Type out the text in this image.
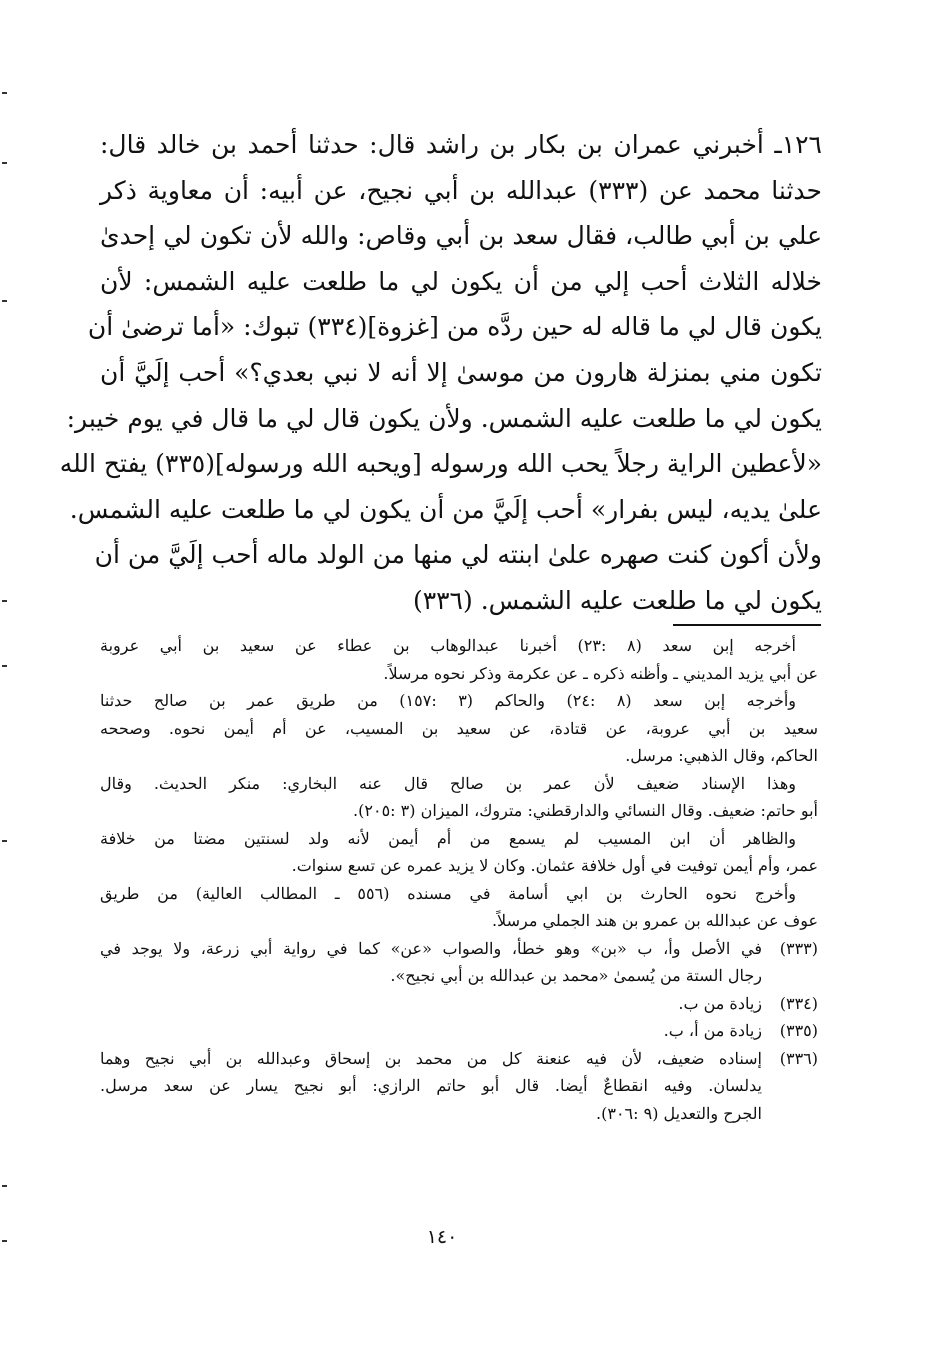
١٢٦ـ أخبرني عمران بن بكار بن راشد قال: حدثنا أحمد بن خالد قال:
حدثنا محمد عن (٣٣٣) عبدالله بن أبي نجيح، عن أبيه: أن معاوية ذكر
علي بن أبي طالب، فقال سعد بن أبي وقاص: والله لأن تكون لي إحدىٰ
خلاله الثلاث أحب إلي من أن يكون لي ما طلعت عليه الشمس: لأن
يكون قال لي ما قاله له حين ردَّه من [غزوة](٣٣٤) تبوك: «أما ترضىٰ أن
تكون مني بمنزلة هارون من موسىٰ إلا أنه لا نبي بعدي؟» أحب إلَيَّ أن
يكون لي ما طلعت عليه الشمس. ولأن يكون قال لي ما قال في يوم خيبر:
«لأعطين الراية رجلاً يحب الله ورسوله [ويحبه الله ورسوله](٣٣٥) يفتح الله
علىٰ يديه، ليس بفرار» أحب إلَيَّ من أن يكون لي ما طلعت عليه الشمس.
ولأن أكون كنت صهره علىٰ ابنته لي منها من الولد ماله أحب إلَيَّ من أن
يكون لي ما طلعت عليه الشمس. (٣٣٦)
أخرجه إبن سعد (٨ :٢٣) أخبرنا عبدالوهاب بن عطاء عن سعيد بن أبي عروبة
عن أبي يزيد المديني ـ وأظنه ذكره ـ عن عكرمة وذكر نحوه مرسلاً.
وأخرجه إبن سعد (٨ :٢٤) والحاكم (٣ :١٥٧) من طريق عمر بن صالح حدثنا
سعيد بن أبي عروبة، عن قتادة، عن سعيد بن المسيب، عن أم أيمن نحوه. وصححه
الحاكم، وقال الذهبي: مرسل.
وهذا الإسناد ضعيف لأن عمر بن صالح قال عنه البخاري: منكر الحديث. وقال
أبو حاتم: ضعيف. وقال النسائي والدارقطني: متروك، الميزان (٣ :٢٠٥).
والظاهر أن ابن المسيب لم يسمع من أم أيمن لأنه ولد لسنتين مضتا من خلافة
عمر، وأم أيمن توفيت في أول خلافة عثمان. وكان لا يزيد عمره عن تسع سنوات.
وأخرج نحوه الحارث بن ابي أسامة في مسنده (٥٥٦ ـ المطالب العالية) من طريق
عوف عن عبدالله بن عمرو بن هند الجملي مرسلاً.
(٣٣٣)
في الأصل وأ، ب «بن» وهو خطأ، والصواب «عن» كما في رواية أبي زرعة، ولا يوجد في
رجال الستة من يُسمىٰ «محمد بن عبدالله بن أبي نجيح».
(٣٣٤)
زيادة من ب.
(٣٣٥)
زيادة من أ، ب.
(٣٣٦)
إسناده ضعيف، لأن فيه عنعنة كل من محمد بن إسحاق وعبدالله بن أبي نجيح وهما
يدلسان. وفيه انقطاعٌ أيضا. قال أبو حاتم الرازي: أبو نجيح يسار عن سعد مرسل.
الجرح والتعديل (٩ :٣٠٦).
١٤٠
